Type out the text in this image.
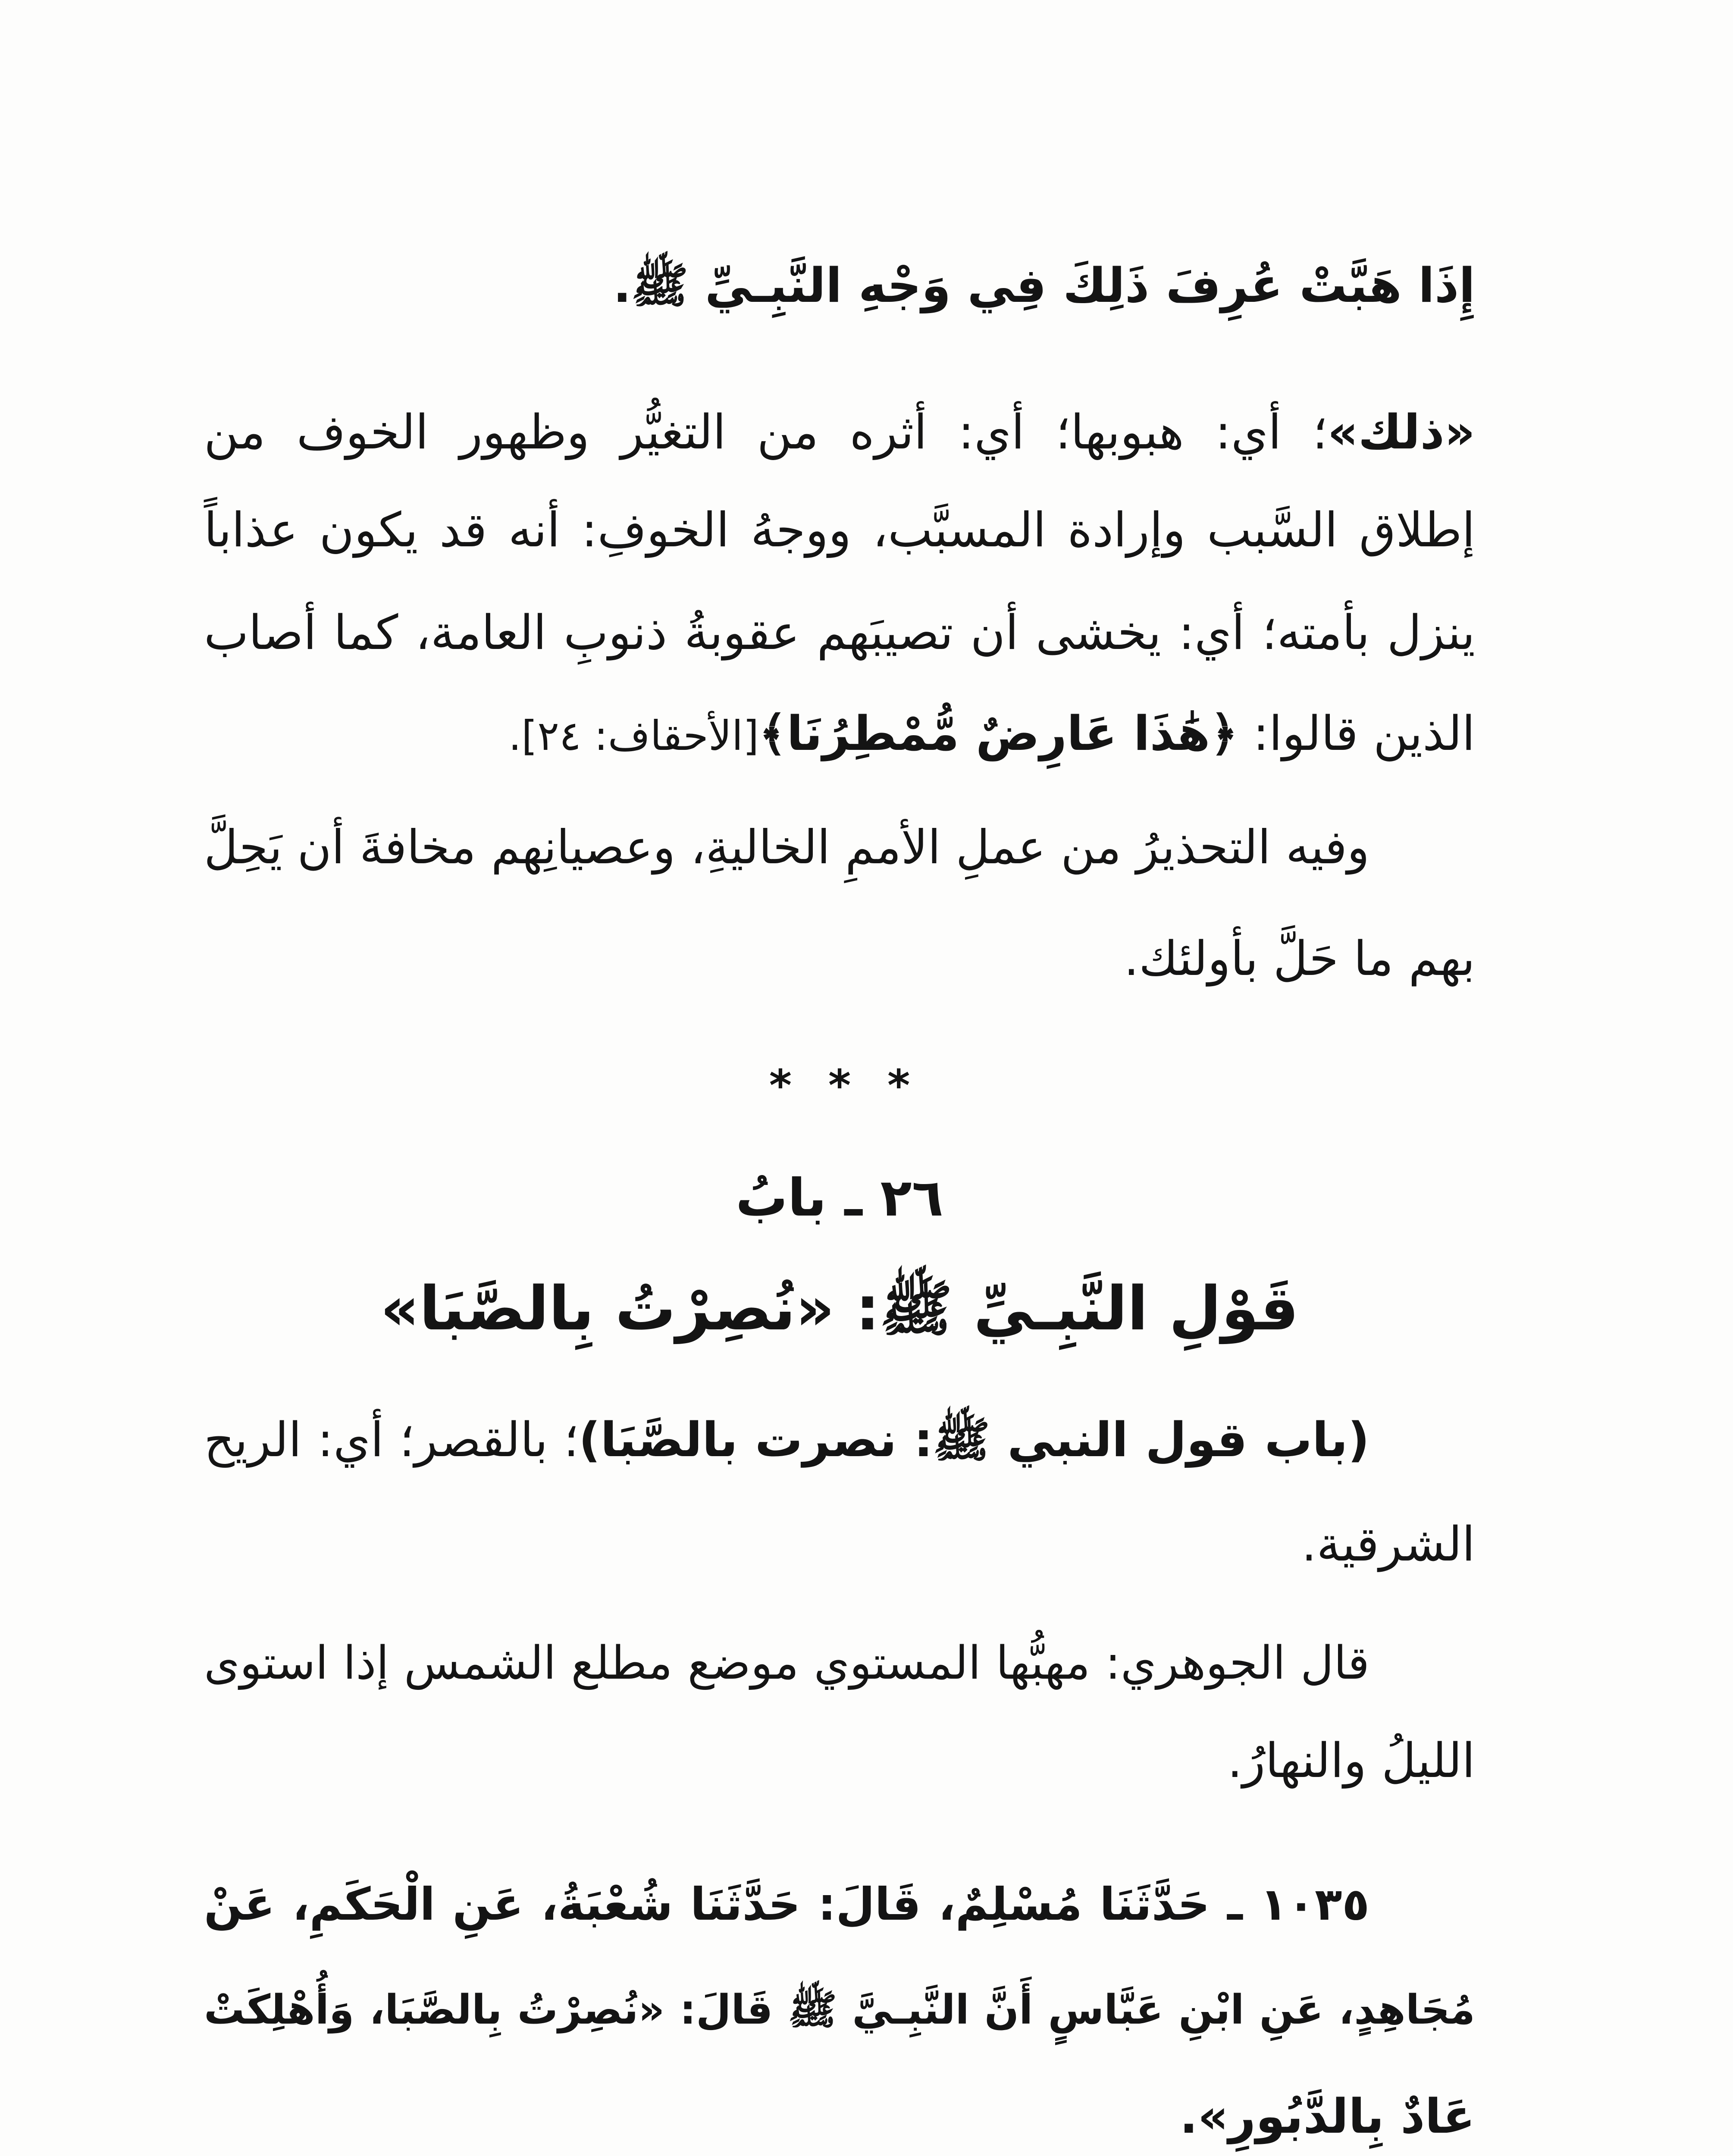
إِذَا هَبَّتْ عُرِفَ ذَلِكَ فِي وَجْهِ النَّبِـيِّ ﷺ.
«ذلك»؛ أي: هبوبها؛ أي: أثره من التغيُّر وظهور الخوف من
إطلاق السَّبب وإرادة المسبَّب، ووجهُ الخوفِ: أنه قد يكون عذاباً
ينزل بأمته؛ أي: يخشى أن تصيبَهم عقوبةُ ذنوبِ العامة، كما أصاب
الذين قالوا: ﴿هَٰذَا عَارِضٌ مُّمْطِرُنَا﴾[الأحقاف: ٢٤].
وفيه التحذيرُ من عملِ الأممِ الخاليةِ، وعصيانِهم مخافةَ أن يَحِلَّ
بهم ما حَلَّ بأولئك.
* * *
٢٦ ـ بابُ
قَوْلِ النَّبِـيِّ ﷺ: «نُصِرْتُ بِالصَّبَا»
(باب قول النبي ﷺ: نصرت بالصَّبَا)؛ بالقصر؛ أي: الريح
الشرقية.
قال الجوهري: مهبُّها المستوي موضع مطلع الشمس إذا استوى
الليلُ والنهارُ.
١٠٣٥ ـ حَدَّثَنَا مُسْلِمٌ، قَالَ: حَدَّثَنَا شُعْبَةُ، عَنِ الْحَكَمِ، عَنْ
مُجَاهِدٍ، عَنِ ابْنِ عَبَّاسٍ أَنَّ النَّبِـيَّ ﷺ قَالَ: «نُصِرْتُ بِالصَّبَا، وَأُهْلِكَتْ
عَادٌ بِالدَّبُورِ».
